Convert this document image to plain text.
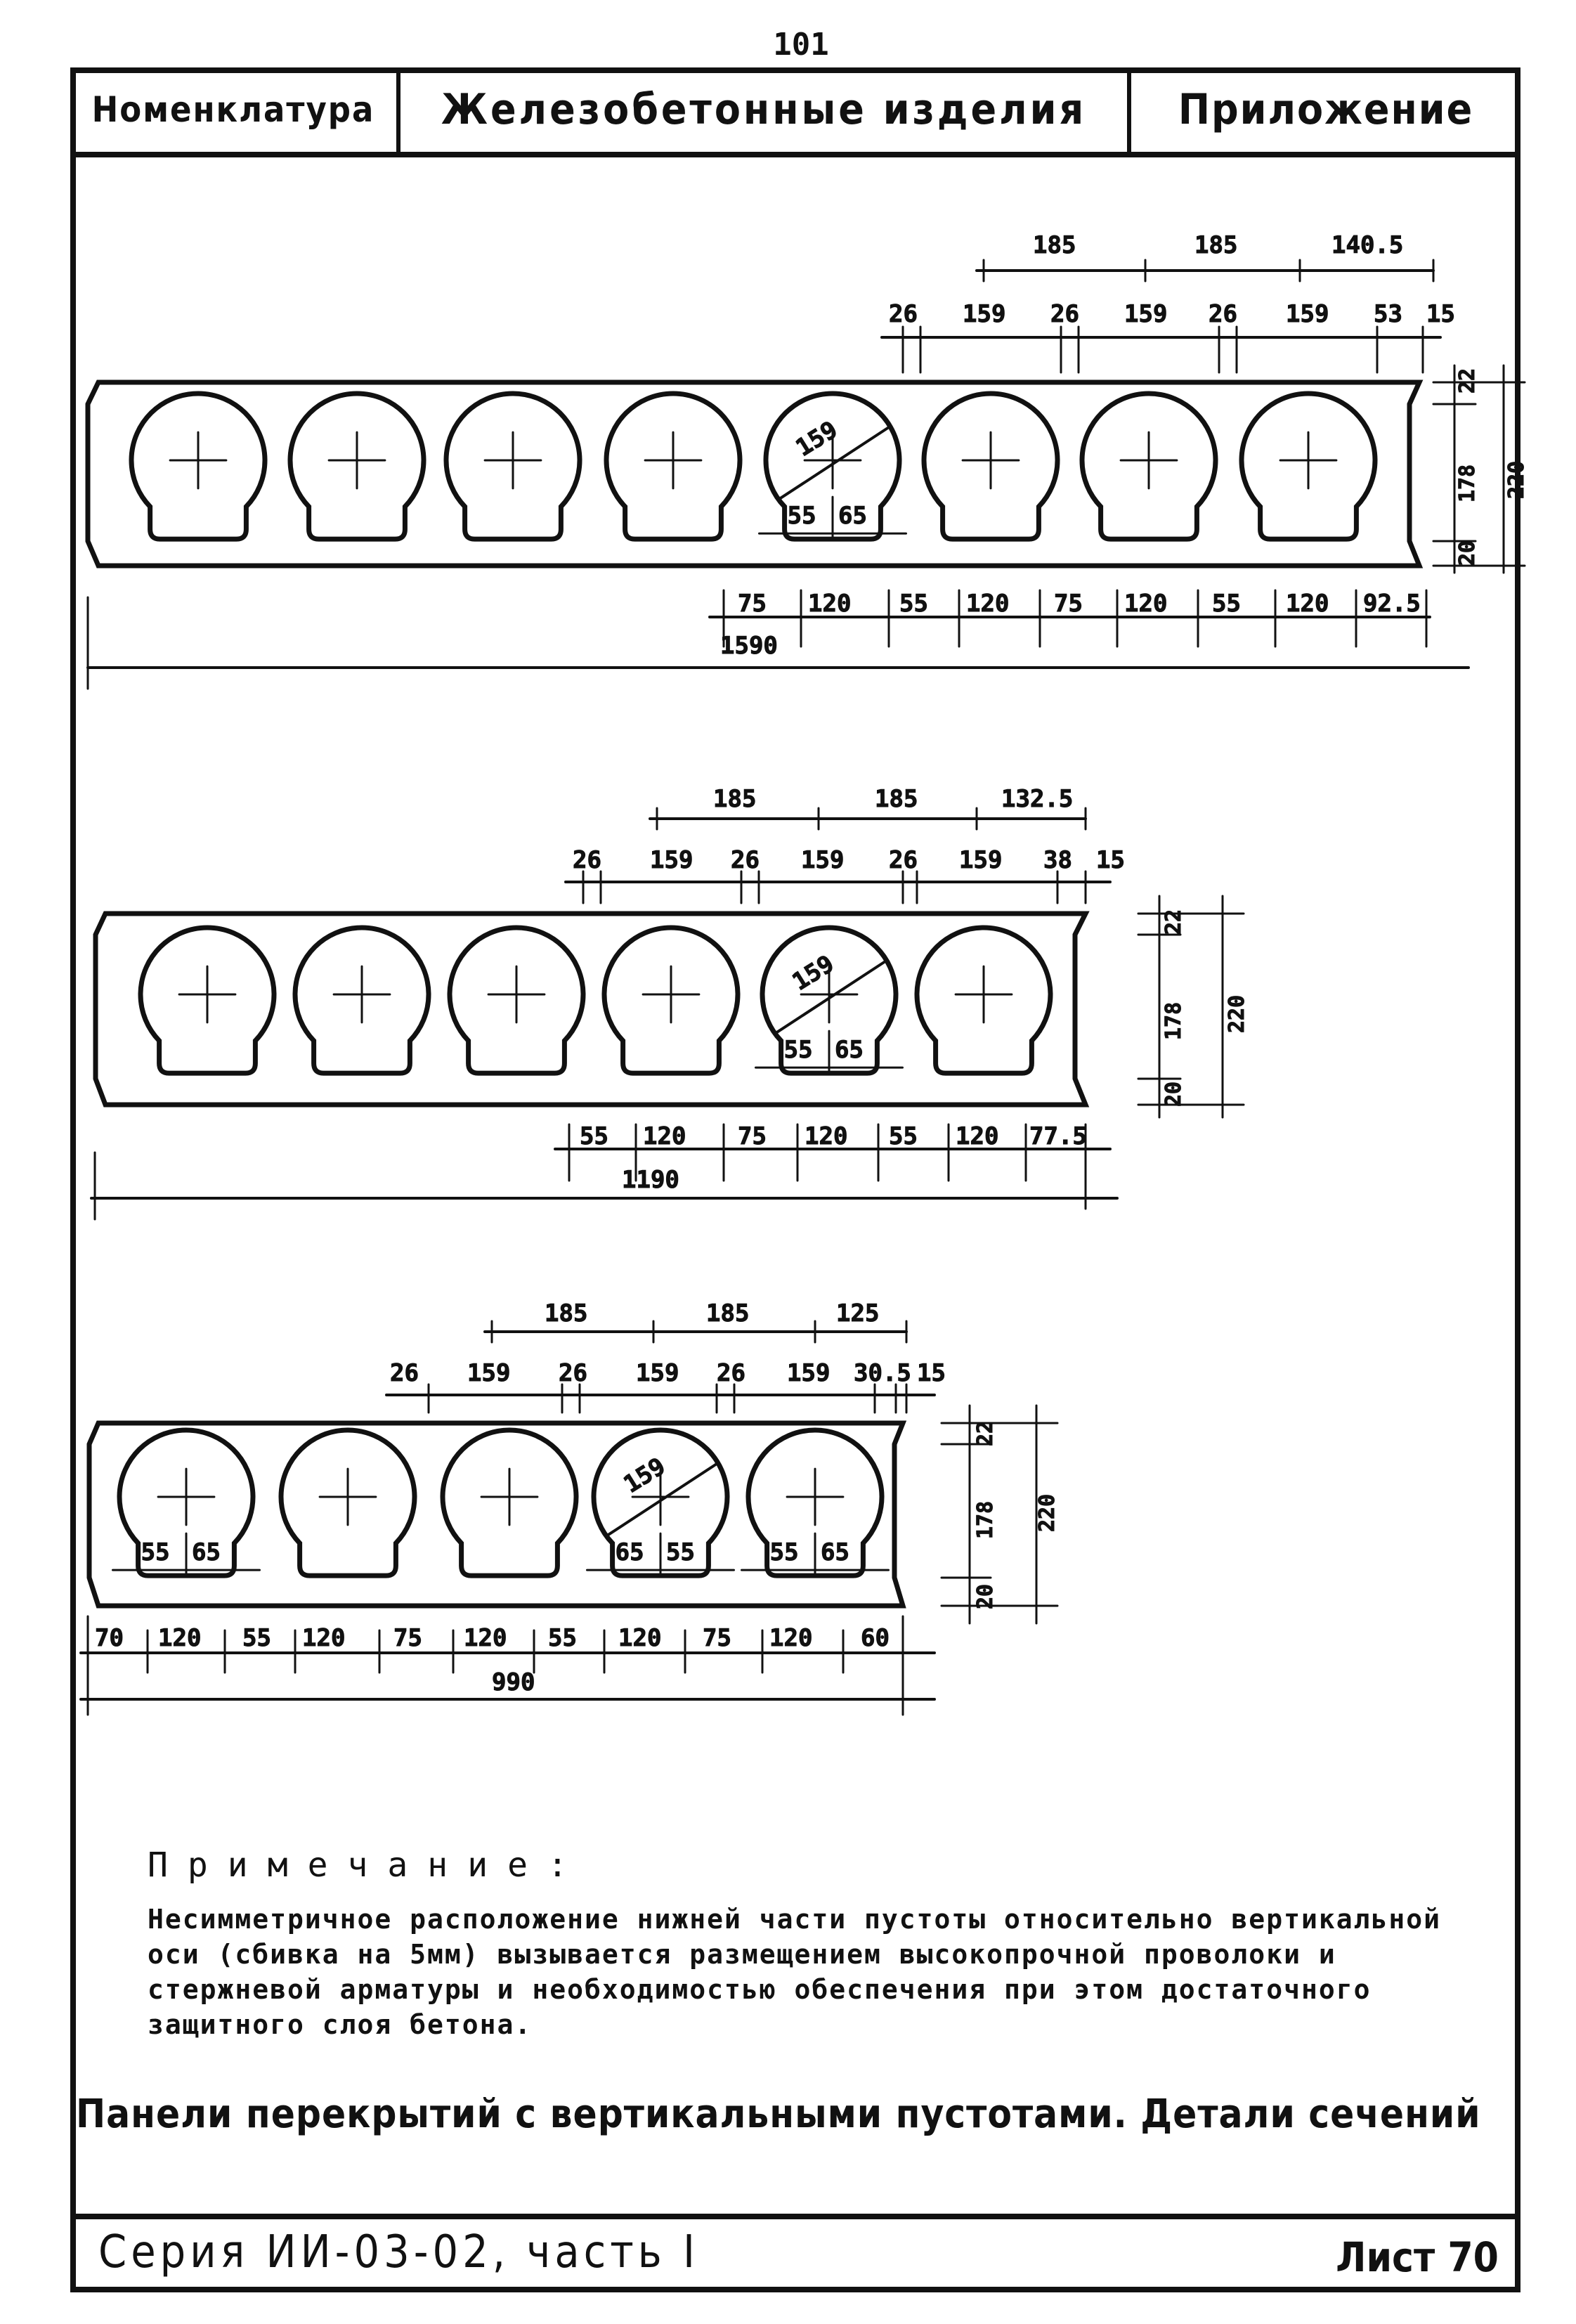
101
Номенклатура	Железобетонные изделия	Приложение
159
55 65
185	185	140.5
26 159 26 159 26 159 53 15
75 120 55 120 75 120 55 120 92.5
1590
22
178
20
220
159
55 65
185	185	132.5
26 159 26 159 26 159 38 15
55 120 75 120 55 120 77.5
1190
22
178
20
220
55 65
159
65 55	55 65
185	185	125
26 159 26 159 26 159 30.5 15
70 120 55 120 75 120 55 120 75 120 60
990
22
178
20
220
Примечание:
Несимметричное расположение нижней части пустоты относительно вертикальной оси (сбивка на 5мм) вызывается размещением высокопрочной проволоки и стержневой арматуры и необходимостью обеспечения при этом достаточного защитного слоя бетона.
Панели перекрытий с вертикальными пустотами. Детали сечений
Серия ИИ-03-02, часть I	Лист 70
